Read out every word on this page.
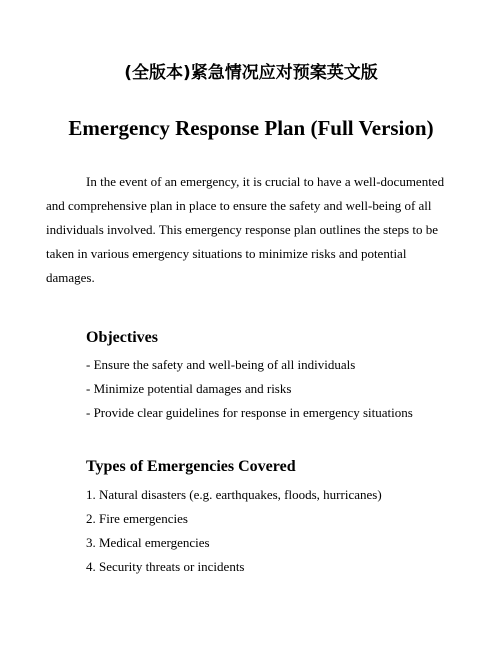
(全版本)紧急情况应对预案英文版
Emergency Response Plan (Full Version)

In the event of an emergency, it is crucial to have a well-documented and comprehensive plan in place to ensure the safety and well-being of all individuals involved. This emergency response plan outlines the steps to be taken in various emergency situations to minimize risks and potential damages.

Objectives
- Ensure the safety and well-being of all individuals
- Minimize potential damages and risks
- Provide clear guidelines for response in emergency situations
Types of Emergencies Covered
1. Natural disasters (e.g. earthquakes, floods, hurricanes)
2. Fire emergencies
3. Medical emergencies
4. Security threats or incidents
